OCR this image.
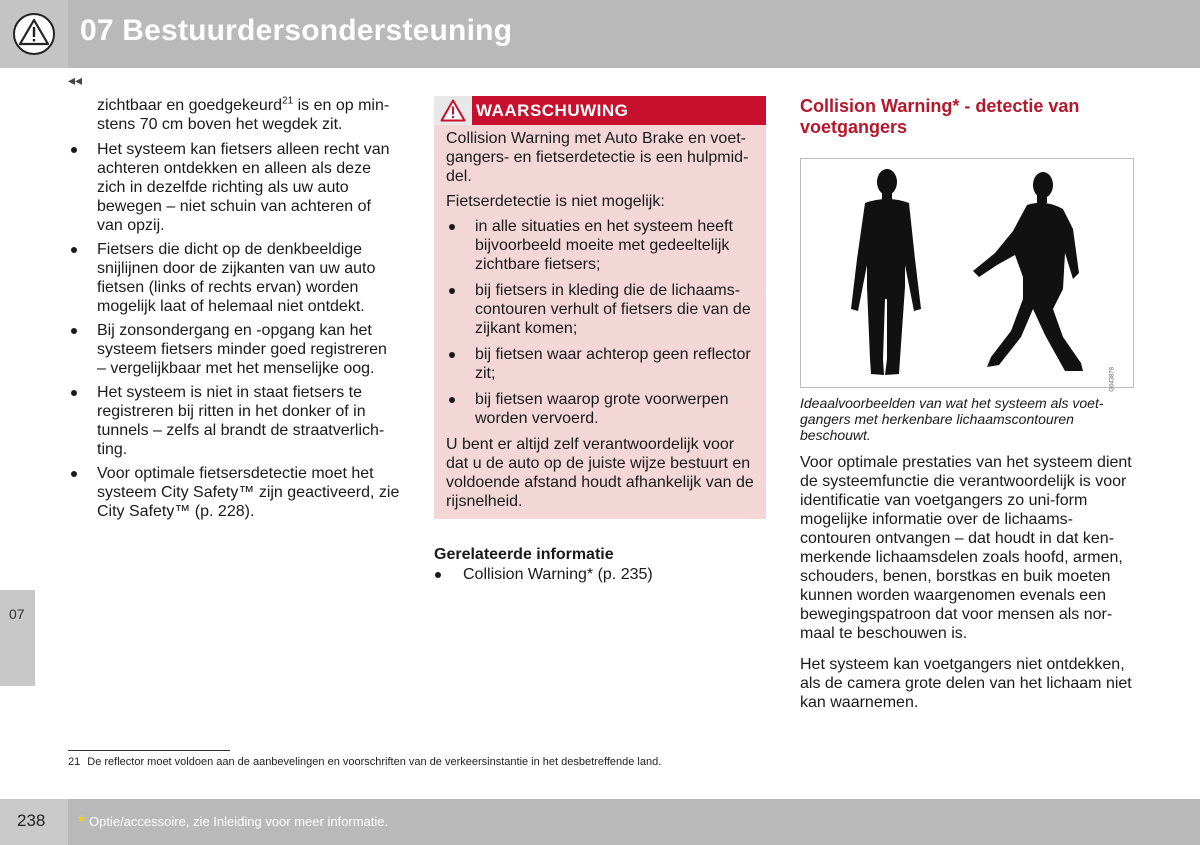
07 Bestuurdersondersteuning
◂◂
07

zichtbaar en goedgekeurd$^{21}$ is en op min-stens 70 cm boven het wegdek zit.

Het systeem kan fietsers alleen recht van achteren ontdekken en alleen als deze zich in dezelfde richting als uw auto bewegen – niet schuin van achteren of van opzij.
Fietsers die dicht op de denkbeeldige snijlijnen door de zijkanten van uw auto fietsen (links of rechts ervan) worden mogelijk laat of helemaal niet ontdekt.
Bij zonsondergang en -opgang kan het systeem fietsers minder goed registreren – vergelijkbaar met het menselijke oog.
Het systeem is niet in staat fietsers te registreren bij ritten in het donker of in tunnels – zelfs al brandt de straatverlich-ting.
Voor optimale fietsersdetectie moet het systeem City Safety™ zijn geactiveerd, zie City Safety™ (p. 228).
WAARSCHUWING

Collision Warning met Auto Brake en voet-gangers- en fietserdetectie is een hulpmid-del.

Fietserdetectie is niet mogelijk:

in alle situaties en het systeem heeft bijvoorbeeld moeite met gedeeltelijk zichtbare fietsers;
bij fietsers in kleding die de lichaams-contouren verhult of fietsers die van de zijkant komen;
bij fietsen waar achterop geen reflector zit;
bij fietsen waarop grote voorwerpen worden vervoerd.

U bent er altijd zelf verantwoordelijk voor dat u de auto op de juiste wijze bestuurt en voldoende afstand houdt afhankelijk van de rijsnelheid.

Gerelateerde informatie
Collision Warning* (p. 235)
Collision Warning* - detectie van voetgangers
G043878
Ideaalvoorbeelden van wat het systeem als voet-gangers met herkenbare lichaamscontouren beschouwt.

Voor optimale prestaties van het systeem dient de systeemfunctie die verantwoordelijk is voor identificatie van voetgangers zo uni-form mogelijke informatie over de lichaams-contouren ontvangen – dat houdt in dat ken-merkende lichaamsdelen zoals hoofd, armen, schouders, benen, borstkas en buik moeten kunnen worden waargenomen evenals een bewegingspatroon dat voor mensen als nor-maal te beschouwen is.

Het systeem kan voetgangers niet ontdekken, als de camera grote delen van het lichaam niet kan waarnemen.

21 De reflector moet voldoen aan de aanbevelingen en voorschriften van de verkeersinstantie in het desbetreffende land.
238 * Optie/accessoire, zie Inleiding voor meer informatie.
